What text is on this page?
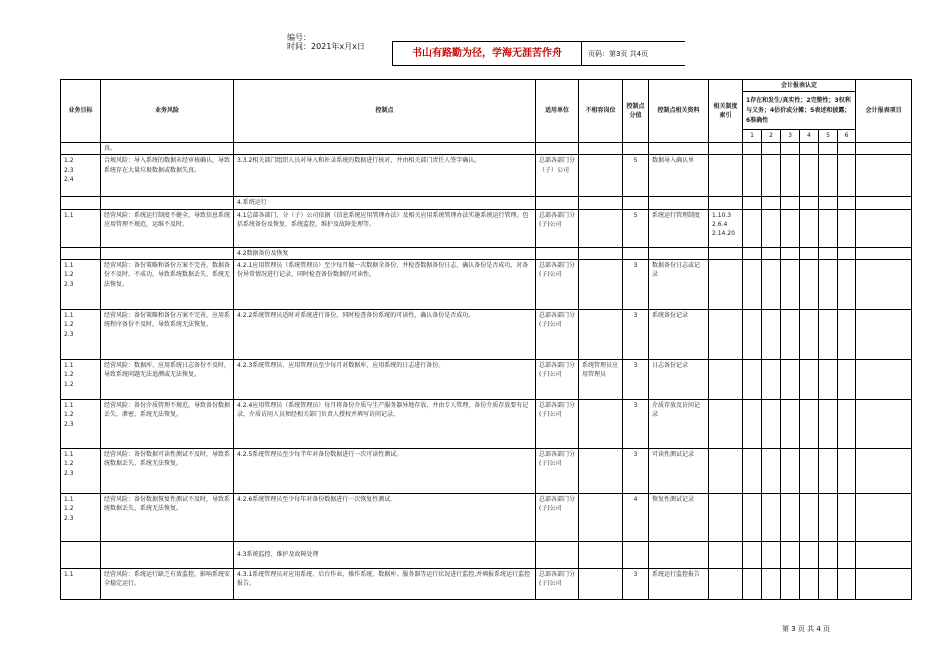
编号：
时间：2021年x月x日
书山有路勤为径，学海无涯苦作舟	页码：第3页 共4页
业务目标	业务风险	控制点	适用单位	不相容岗位	控制点分值	控制点相关资料	相关制度索引	会计报表认定						会计报表项目
								1存在和发生/真实性；2完整性；3权利与义务；4估价或分摊；5表述和披露；6准确性						
								1	2	3	4	5	6	
	真。													
1.2
2.3
2.4	合规风险：导入系统的数据未经审核确认，导致系统存在大量垃圾数据或数据失真。	3.3.2相关部门组织人员对导入和补录系统的数据进行核对，并由相关部门责任人签字确认。	总部各部门分（子）公司		5	数据导入确认单								
		4.系统运行												
1.1	经营风险：系统运行制度不健全，导致信息系统应用管理不规范，运维不及时。	4.1总部各部门、分（子）公司依据《信息系统应用管理办法》及相关应用系统管理办法实施系统运行管理。包括系统备份及恢复、系统监控、维护及故障处理等。	总部各部门分(子)公司		5	系统运行管理制度	1.10.3
2.6.4
2.14.20							
		4.2数据备份及恢复												
1.1
1.2
2.3	经营风险：备份策略和备份方案不完善，数据备份不及时、不成功，导致系统数据丢失、系统无法恢复。	4.2.1应用管理员（系统管理员）至少每月做一次数据全备份，并检查数据备份日志，确认备份是否成功，对备份异常情况进行记录，同时检查备份数据的可读性。	总部各部门分(子)公司		3	数据备份日志或记录								
1.1
1.2
2.3	经营风险：备份策略和备份方案不完善，应用系统程序备份不及时，导致系统无法恢复。	4.2.2系统管理员适时对系统进行备份，同时检查备份系统的可读性，确认备份是否成功。	总部各部门分(子)公司		3	系统备份记录								
1.1
1.2
1.2	经营风险：数据库、应用系统日志备份不及时，导致系统问题无法追溯或无法恢复。	4.2.3系统管理员、应用管理员至少每月对数据库、应用系统的日志进行备份。	总部各部门分(子)公司	系统管理员应用管理员	3	日志备份记录								
1.1
1.2
2.3	经营风险：备份介质管理不规范，导致备份数据丢失、泄密、系统无法恢复。	4.2.4应用管理员（系统管理员）每月将备份介质与生产服务器异地存放，并由专人管理，备份介质存放要有记录，介质访问人员须经相关部门负责人授权并填写访问记录。	总部各部门分(子)公司		3	介质存放及访问记录								
1.1
1.2
2.3	经营风险：备份数据可读性测试不及时，导致系统数据丢失、系统无法恢复。	4.2.5系统管理员至少每半年对备份数据进行一次可读性测试。	总部各部门分(子)公司		3	可读性测试记录								
1.1
1.2
2.3	经营风险：备份数据恢复性测试不及时，导致系统数据丢失、系统无法恢复。	4.2.6系统管理员至少每年对备份数据进行一次恢复性测试。	总部各部门分(子)公司		4	恢复性测试记录								
		4.3系统监控、维护及故障处理												
1.1	经营风险：系统运行缺乏有效监控，影响系统安全稳定运行。	4.3.1系统管理员对应用系统、后台作业、操作系统、数据库、服务器等运行状况进行监控,并填报系统运行监控报告。	总部各部门分(子)公司		3	系统运行监控报告								
第 3 页 共 4 页
